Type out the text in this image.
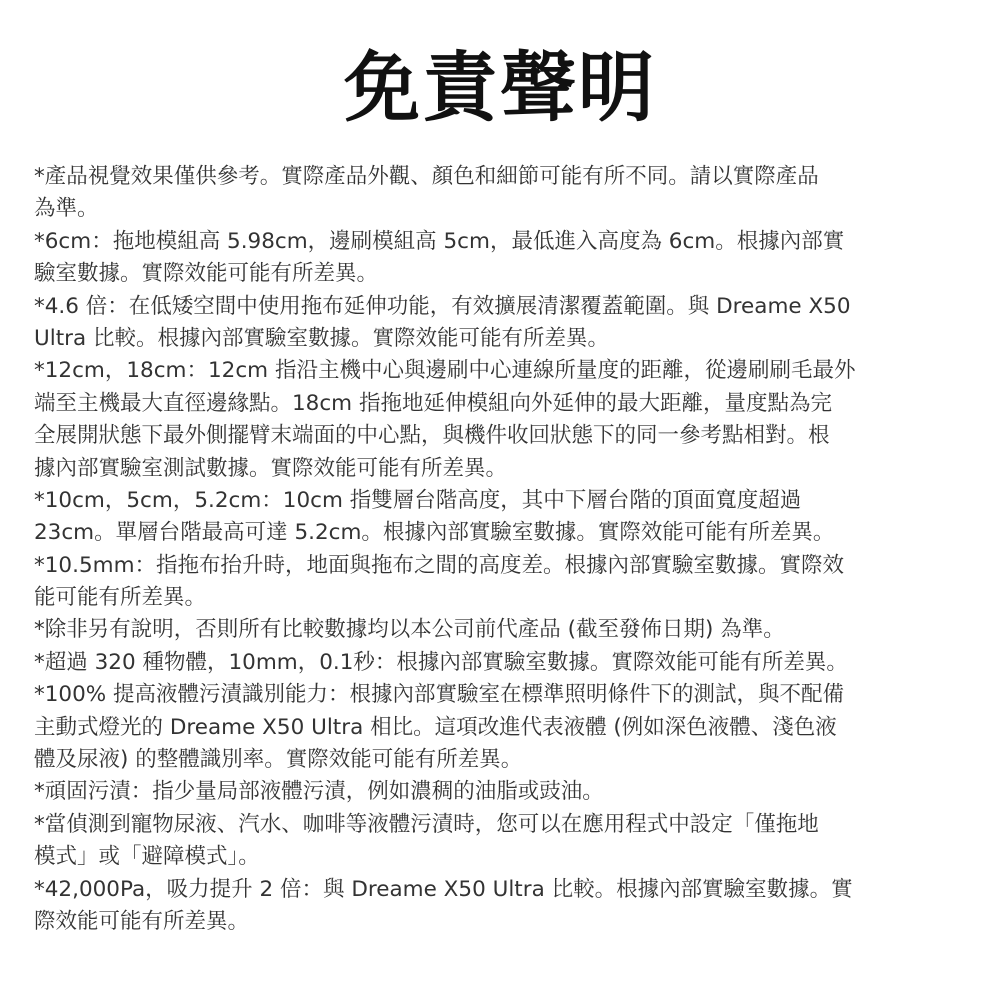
免責聲明
*產品視覺效果僅供參考。實際產品外觀、顏色和細節可能有所不同。請以實際產品
為準。
*6cm：拖地模組高 5.98cm，邊刷模組高 5cm，最低進入高度為 6cm。根據內部實
驗室數據。實際效能可能有所差異。
*4.6 倍：在低矮空間中使用拖布延伸功能，有效擴展清潔覆蓋範圍。與 Dreame X50
Ultra 比較。根據內部實驗室數據。實際效能可能有所差異。
*12cm，18cm：12cm 指沿主機中心與邊刷中心連線所量度的距離，從邊刷刷毛最外
端至主機最大直徑邊緣點。18cm 指拖地延伸模組向外延伸的最大距離，量度點為完
全展開狀態下最外側擺臂末端面的中心點，與機件收回狀態下的同一參考點相對。根
據內部實驗室測試數據。實際效能可能有所差異。
*10cm，5cm，5.2cm：10cm 指雙層台階高度，其中下層台階的頂面寬度超過
23cm。單層台階最高可達 5.2cm。根據內部實驗室數據。實際效能可能有所差異。
*10.5mm：指拖布抬升時，地面與拖布之間的高度差。根據內部實驗室數據。實際效
能可能有所差異。
*除非另有說明，否則所有比較數據均以本公司前代產品 (截至發佈日期) 為準。
*超過 320 種物體，10mm，0.1秒：根據內部實驗室數據。實際效能可能有所差異。
*100% 提高液體污漬識別能力：根據內部實驗室在標準照明條件下的測試，與不配備
主動式燈光的 Dreame X50 Ultra 相比。這項改進代表液體 (例如深色液體、淺色液
體及尿液) 的整體識別率。實際效能可能有所差異。
*頑固污漬：指少量局部液體污漬，例如濃稠的油脂或豉油。
*當偵測到寵物尿液、汽水、咖啡等液體污漬時，您可以在應用程式中設定「僅拖地
模式」或「避障模式」。
*42,000Pa，吸力提升 2 倍：與 Dreame X50 Ultra 比較。根據內部實驗室數據。實
際效能可能有所差異。
